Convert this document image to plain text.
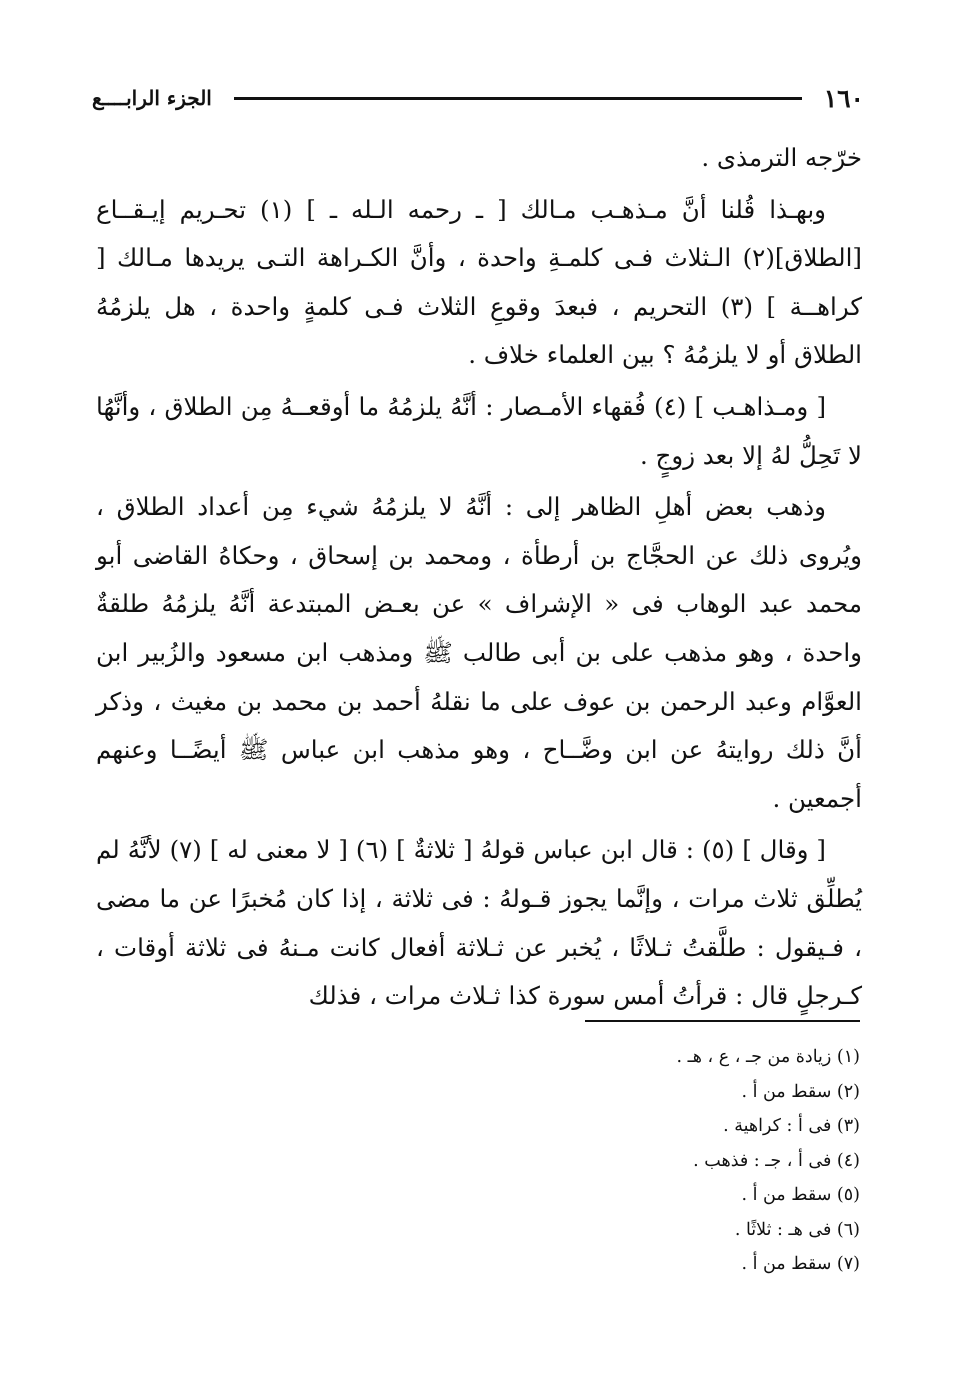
١٦٠
الجزء الرابــــع

خرّجه الترمذى .

وبهـذا قُلنا أنَّ مـذهـب مـالك [ ـ رحمه الـله ـ ] (١) تحـريم إيـقــاع [الطلاق](٢) الـثلاث فـى كلمـةِ واحدة ، وأنَّ الكـراهة التـى يريدها مـالك [ كراهــة ] (٣) التحريم ، فبعدَ وقوعِ الثلاث فـى كلمةٍ واحدة ، هل يلزمُهُ الطلاق أو لا يلزمُهُ ؟ بين العلماء خلاف .

[ ومـذاهـب ] (٤) فُقهاء الأمـصار : أنَّهُ يلزمُهُ ما أوقعــهُ مِن الطلاق ، وأنَّهُا لا تَحِلُّ لهُ إلا بعد زوجٍ .

وذهب بعض أهلِ الظاهر إلى : أنَّهُ لا يلزمُهُ شيء مِن أعداد الطلاق ، ويُروى ذلك عن الحجَّاج بن أرطأة ، ومحمد بن إسحاق ، وحكاهُ القاضى أبو محمد عبد الوهاب فى « الإشراف » عن بعـض المبتدعة أنَّهُ يلزمُهُ طلقةٌ واحدة ، وهو مذهب على بن أبى طالب ﷺ ومذهب ابن مسعود والزُبير ابن العوَّام وعبد الرحمن بن عوف على ما نقلهُ أحمد بن محمد بن مغيث ، وذكر أنَّ ذلك روايتهُ عن ابن وضَّــاح ، وهو مذهب ابن عباس ﷺ أيضًــا وعنهم أجمعين .

[ وقال ] (٥) : قال ابن عباس قولهُ [ ثلاثةٌ ] (٦) [ لا معنى له ] (٧) لأنَّهُ لم يُطلِّق ثلاث مرات ، وإنَّما يجوز قـولهُ : فى ثلاثة ، إذا كان مُخبرًا عن ما مضى ، فـيقول : طلَّقتُ ثـلاثًا ، يُخبر عن ثـلاثة أفعال كانت مـنهُ فى ثلاثة أوقات ، كـرجلٍ قال : قرأتُ أمس سورة كذا ثـلاث مرات ، فذلك

(١) زيادة من جـ ، ع ، هـ .
(٢) سقط من أ .
(٣) فى أ : كراهية .
(٤) فى أ ، جـ : فذهب .
(٥) سقط من أ .
(٦) فى هـ : ثلاثًا .
(٧) سقط من أ .
